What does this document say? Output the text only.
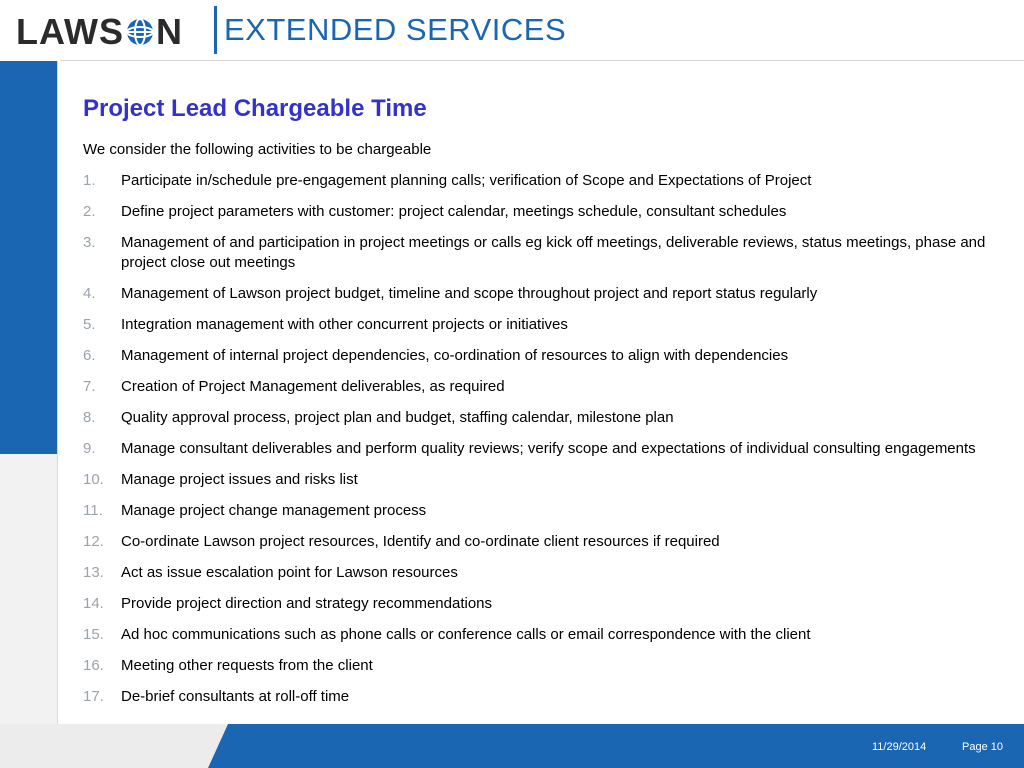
LAWS N EXTENDED SERVICES
Project Lead Chargeable Time
We consider the following activities to be chargeable
1.	Participate in/schedule pre-engagement planning calls; verification of Scope and Expectations of Project
2.	Define project parameters with customer: project calendar, meetings schedule, consultant schedules
3.	Management of and participation in project meetings or calls eg kick off meetings, deliverable reviews, status meetings, phase and project close out meetings
4.	Management of Lawson project budget, timeline and scope throughout project and report status regularly
5.	Integration management with other concurrent projects or initiatives
6.	Management of internal project dependencies, co-ordination of resources to align with dependencies
7.	Creation of Project Management deliverables, as required
8.	Quality approval process, project plan and budget, staffing calendar, milestone plan
9.	Manage consultant deliverables and perform quality reviews; verify scope and expectations of individual consulting engagements
10.	Manage project issues and risks list
11.	Manage project change management process
12.	Co-ordinate Lawson project resources, Identify and co-ordinate client resources if required
13.	Act as issue escalation point for Lawson resources
14.	Provide project direction and strategy recommendations
15.	Ad hoc communications such as phone calls or conference calls or email correspondence with the client
16.	Meeting other requests from the client
17.	De-brief consultants at roll-off time
11/29/2014	Page 10
